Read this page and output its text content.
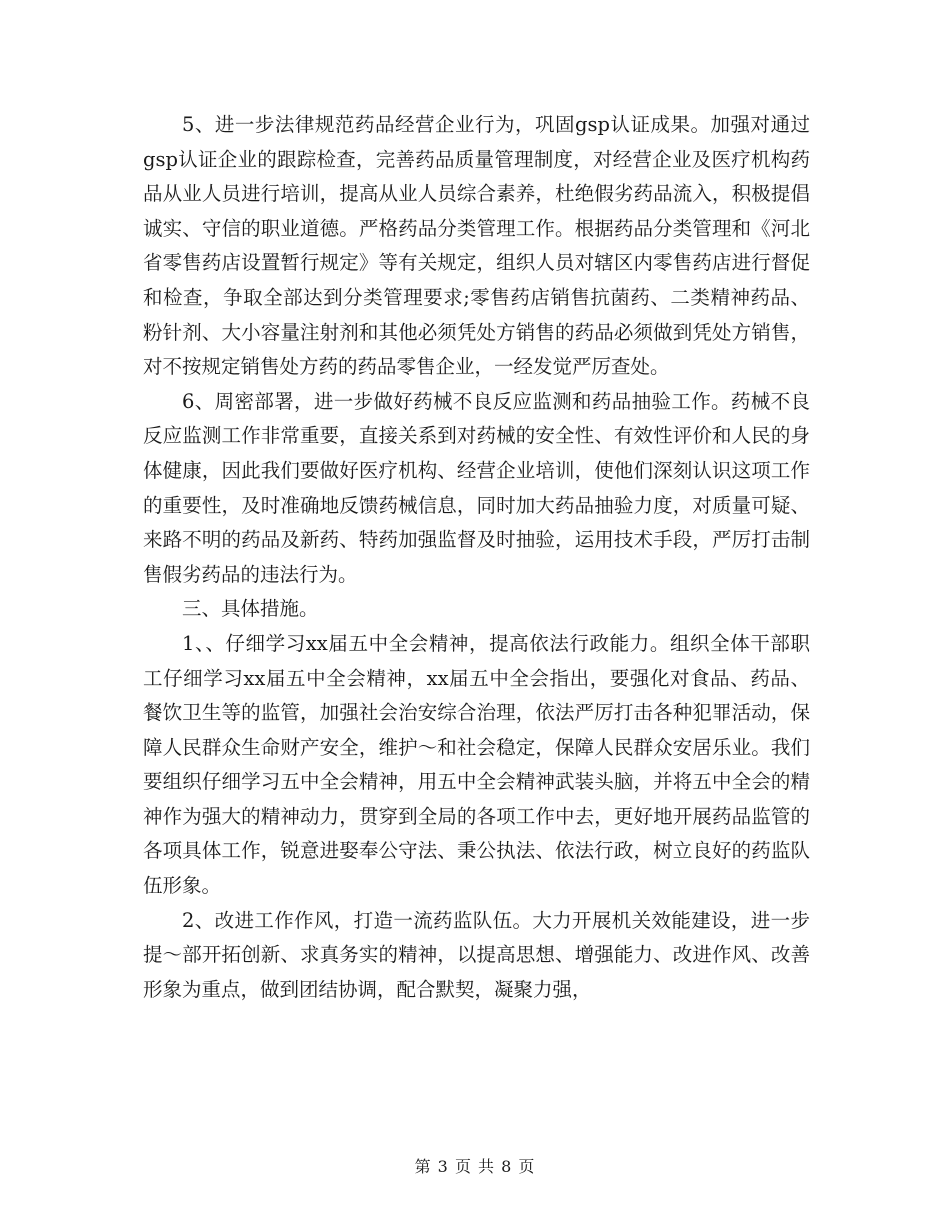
5、进一步法律规范药品经营企业行为，巩固gsp认证成果。加强对通过gsp认证企业的跟踪检查，完善药品质量管理制度，对经营企业及医疗机构药品从业人员进行培训，提高从业人员综合素养，杜绝假劣药品流入，积极提倡诚实、守信的职业道德。严格药品分类管理工作。根据药品分类管理和《河北省零售药店设置暂行规定》等有关规定，组织人员对辖区内零售药店进行督促和检查，争取全部达到分类管理要求;零售药店销售抗菌药、二类精神药品、粉针剂、大小容量注射剂和其他必须凭处方销售的药品必须做到凭处方销售，对不按规定销售处方药的药品零售企业，一经发觉严厉查处。

6、周密部署，进一步做好药械不良反应监测和药品抽验工作。药械不良反应监测工作非常重要，直接关系到对药械的安全性、有效性评价和人民的身体健康，因此我们要做好医疗机构、经营企业培训，使他们深刻认识这项工作的重要性，及时准确地反馈药械信息，同时加大药品抽验力度，对质量可疑、来路不明的药品及新药、特药加强监督及时抽验，运用技术手段，严厉打击制售假劣药品的违法行为。

三、具体措施。

1、、仔细学习xx届五中全会精神，提高依法行政能力。组织全体干部职工仔细学习xx届五中全会精神，xx届五中全会指出，要强化对食品、药品、餐饮卫生等的监管，加强社会治安综合治理，依法严厉打击各种犯罪活动，保障人民群众生命财产安全，维护～和社会稳定，保障人民群众安居乐业。我们要组织仔细学习五中全会精神，用五中全会精神武装头脑，并将五中全会的精神作为强大的精神动力，贯穿到全局的各项工作中去，更好地开展药品监管的各项具体工作，锐意进娶奉公守法、秉公执法、依法行政，树立良好的药监队伍形象。

2、改进工作作风，打造一流药监队伍。大力开展机关效能建设，进一步提～部开拓创新、求真务实的精神，以提高思想、增强能力、改进作风、改善形象为重点，做到团结协调，配合默契，凝聚力强，

第 3 页 共 8 页
